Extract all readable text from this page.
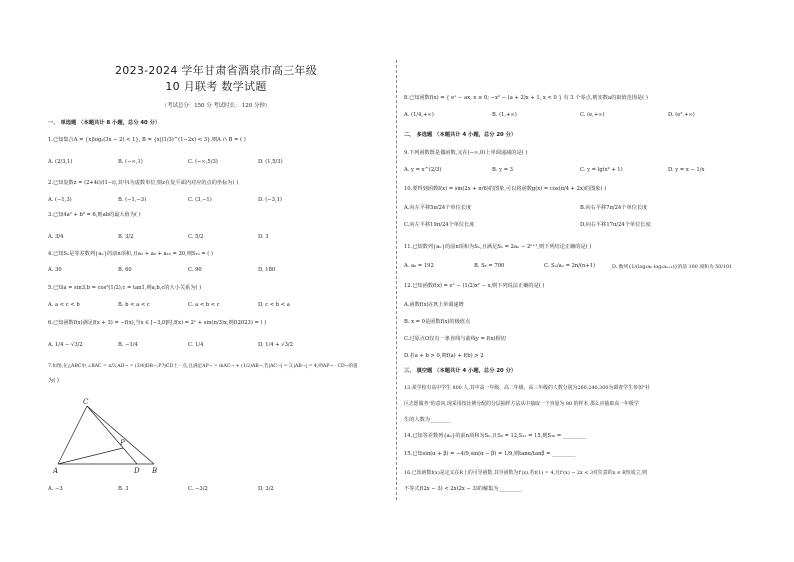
2023-2024 学年甘肃省酒泉市高三年级
10 月联考 数学试题
（考试总分：150 分 考试时长： 120 分钟）
一、 单选题 （本题共计 8 小题，总分 40 分）
1.已知集合A = {x|log₂(3x − 2) < 1}, B = {x|(1/3)^(1−2x) < 3},则A ∩ B = ( )
A. (2/3,1)	B. (−∞,1)	C. (−∞,5/3)	D. (1,5/3)
2.已知复数z = (2+4i)/(1−i),其中i为虚数单位,则z在复平面内对应的点的坐标为( )
A. (−1,3)	B. (−1,−3)	C. (3,−1)	D. (−3,1)
3.已知4a² + b² = 6,则ab的最大值为( )
A. 3/4	B. 3/2	C. 5/2	D. 3
4.已知Sₙ是等差数列{aₙ}的前n项和,且a₂ + a₆ + a₁₆ = 30,则S₁₉ = ( )
A. 30	B. 60	C. 90	D. 180
5.已知a = sin3,b = cos²(1/2),c = tan1,则a,b,c的大小关系为( )
A. a < c < b	B. b < a < c	C. a < b < c	D. c < b < a
6.已知函数f(x)满足f(x + 3) = −f(x),当x ∈ [−3,0]时,f(x) = 2ˣ + sin(π/3)x,则f(2023) = ( )
A. 1/4 − √3/2	B. −1/4	C. 1/4	D. 1/4 + √3/2
7.如图,在△ABC中,∠BAC = π/3,AD→ = (3/4)DB→,P为CD上一点,且满足AP→ = mAC→ + (1/2)AB→,若|AC→| = 3,|AB→| = 4,则AP→ · CD→的值
为( )
C
P
A	D B
A. −3	B. 3	C. −3/2	D. 3/2
8.已知函数f(x) = { eˣ − ax, x ≥ 0; −x² − (a + 2)x + 1, x < 0 } 有 3 个零点,则实数a的取值范围是( )
A. (1/4,+∞)	B. (1,+∞)	C. (e,+∞)	D. (e²,+∞)
二、 多选题 （本题共计 4 小题，总分 20 分）
9.下列函数既是偶函数,又在(−∞,0)上单调递减的是( )
A. y = x^(2/3)	B. y = 3	C. y = lg(x² + 1)	D. y = x − 1/x
10.要得到函数f(x) = sin(2x + π/6)的图象,可以将函数g(x) = cos(π/4 + 2x)的图象( )
A.向左平移5π/24个单位长度	B.向右平移7π/24个单位长度
C.向左平移19π/24个单位长度	D.向右平移17π/24个单位长度
11.已知数列{aₙ}的前n项和为Sₙ,且满足Sₙ = 2aₙ − 2ⁿ⁺¹,则下列结论正确的是( )
A. a₆ = 192	B. S₆ = 700	C. Sₙ/aₙ = 2n/(n+1)	D. 数列{1/(log₂aₙ·log₂aₙ₊₁)}的前 100 项和为 50/101
12.已知函数f(x) = eˣ − (1/2)x² − x,则下列说法正确的是( )
A.函数f(x)在R上单调递增
B. x = 0是函数f(x)的极值点
C.过原点O仅有一条直线与曲线y = f(x)相切
D.若a + b > 0,则f(a) + f(b) > 2
三、 填空题 （本题共计 4 小题，总分 20 分）
13.某学校有高中学生 800 人,其中高一年级、高二年级、高三年级的人数分别为260,240,300为调查学生参加"社
区志愿服务"的意向,现采用按比例分配的分层抽样方法从中抽取一个容量为 80 的样本,那么应抽取高一年级学
生的人数为________
14.已知等差数列{aₙ}的前n项和为Sₙ,且S₈ = 12,S₁₂ = 15,则S₁₆ = _________
15.已知sin(α + β) = −4/9,sin(α − β) = 1/9,则tanα/tanβ = _________
16.已知函数f(x)是定义在R上的可导函数,其导函数为f'(x),若f(1) = 4,且f'(x) − 2x < 3对任意的x ∈ R恒成立,则
不等式f(2x − 3) < 2x(2x − 3)的解集为_________
